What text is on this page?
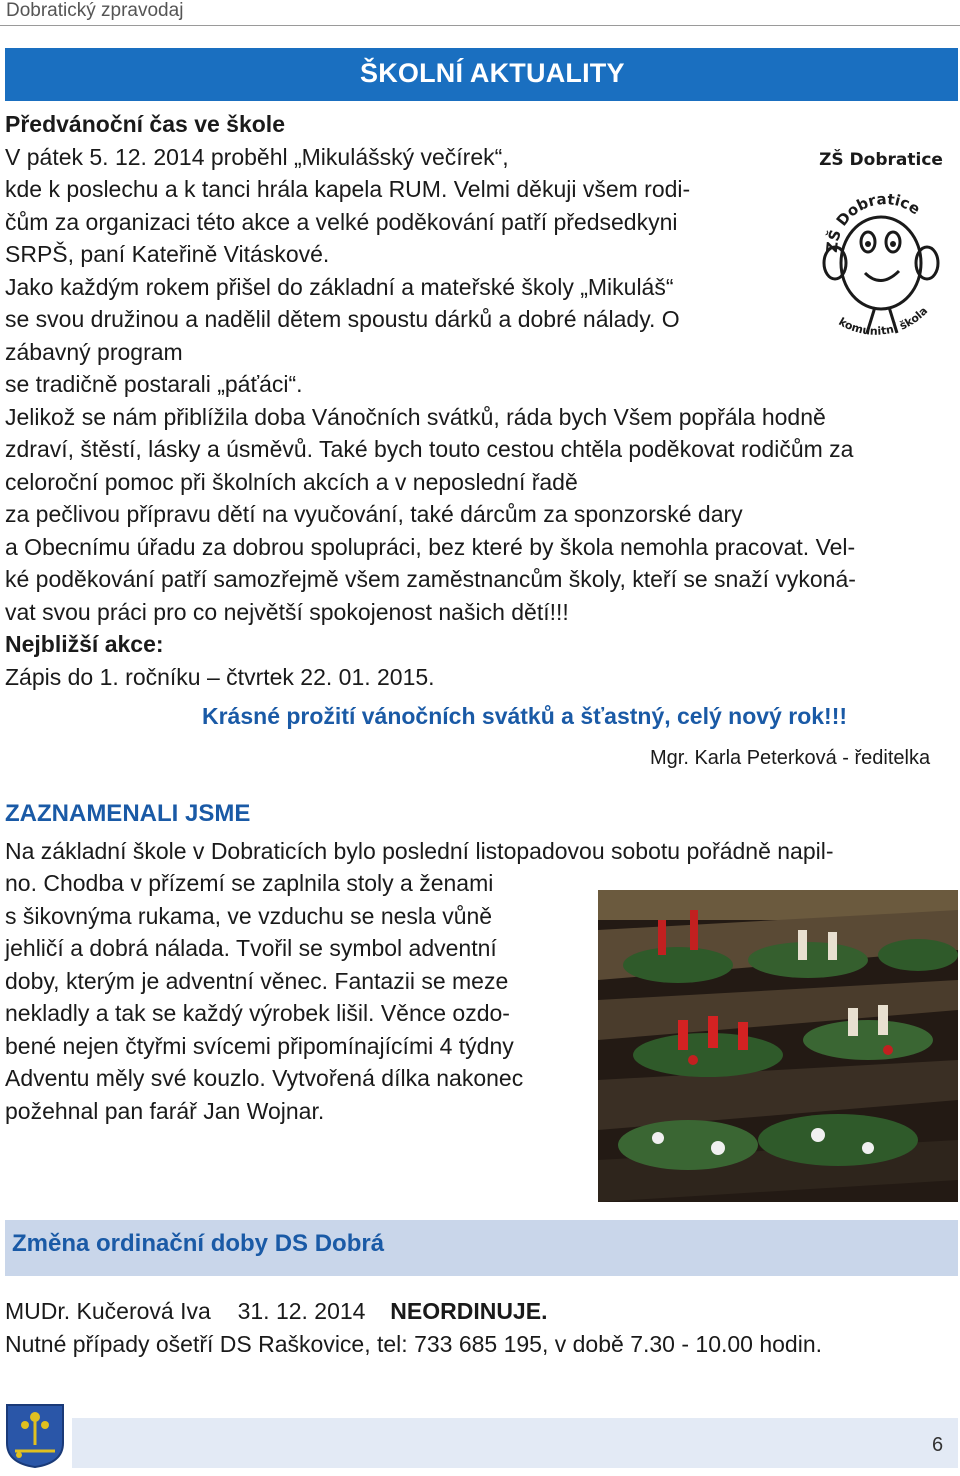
Dobratický zpravodaj
ŠKOLNÍ AKTUALITY
Předvánoční čas ve škole
V pátek 5. 12. 2014 proběhl „Mikulášský večírek“,
kde k poslechu a k tanci hrála kapela RUM. Velmi děkuji všem rodi-
čům za organizaci této akce a velké poděkování patří předsedkyni
SRPŠ, paní Kateřině Vitáskové.
Jako každým rokem přišel do základní a mateřské školy „Mikuláš“
se svou družinou a nadělil dětem spoustu dárků a dobré nálady. O
zábavný program
se tradičně postarali „páťáci“.
Jelikož se nám přiblížila doba Vánočních svátků, ráda bych Všem popřála hodně
zdraví, štěstí, lásky a úsměvů. Také bych touto cestou chtěla poděkovat rodičům za
celoroční pomoc při školních akcích a v neposlední řadě
za pečlivou přípravu dětí na vyučování, také dárcům za sponzorské dary
a Obecnímu úřadu za dobrou spolupráci, bez které by škola nemohla pracovat. Vel-
ké poděkování patří samozřejmě všem zaměstnancům školy, kteří se snaží vykoná-
vat svou práci pro co největší spokojenost našich dětí!!!
Nejbližší akce:
Zápis do 1. ročníku – čtvrtek 22. 01. 2015.
ZŠ Dobratice
ZŠ Dobratice
komunitní škola
Krásné prožití vánočních svátků a šťastný, celý nový rok!!!
Mgr. Karla Peterková - ředitelka
ZAZNAMENALI JSME
Na základní škole v Dobraticích bylo poslední listopadovou sobotu pořádně napil-
no. Chodba v přízemí se zaplnila stoly a ženami
s šikovnýma rukama, ve vzduchu se nesla vůně
jehličí a dobrá nálada. Tvořil se symbol adventní
doby, kterým je adventní věnec. Fantazii se meze
nekladly a tak se každý výrobek lišil. Věnce ozdo-
bené nejen čtyřmi svícemi připomínajícími 4 týdny
Adventu měly své kouzlo. Vytvořená dílka nakonec
požehnal pan farář Jan Wojnar.
Změna ordinační doby DS Dobrá
MUDr. Kučerová Iva 31. 12. 2014 NEORDINUJE.
Nutné případy ošetří DS Raškovice, tel: 733 685 195, v době 7.30 - 10.00 hodin.
6
